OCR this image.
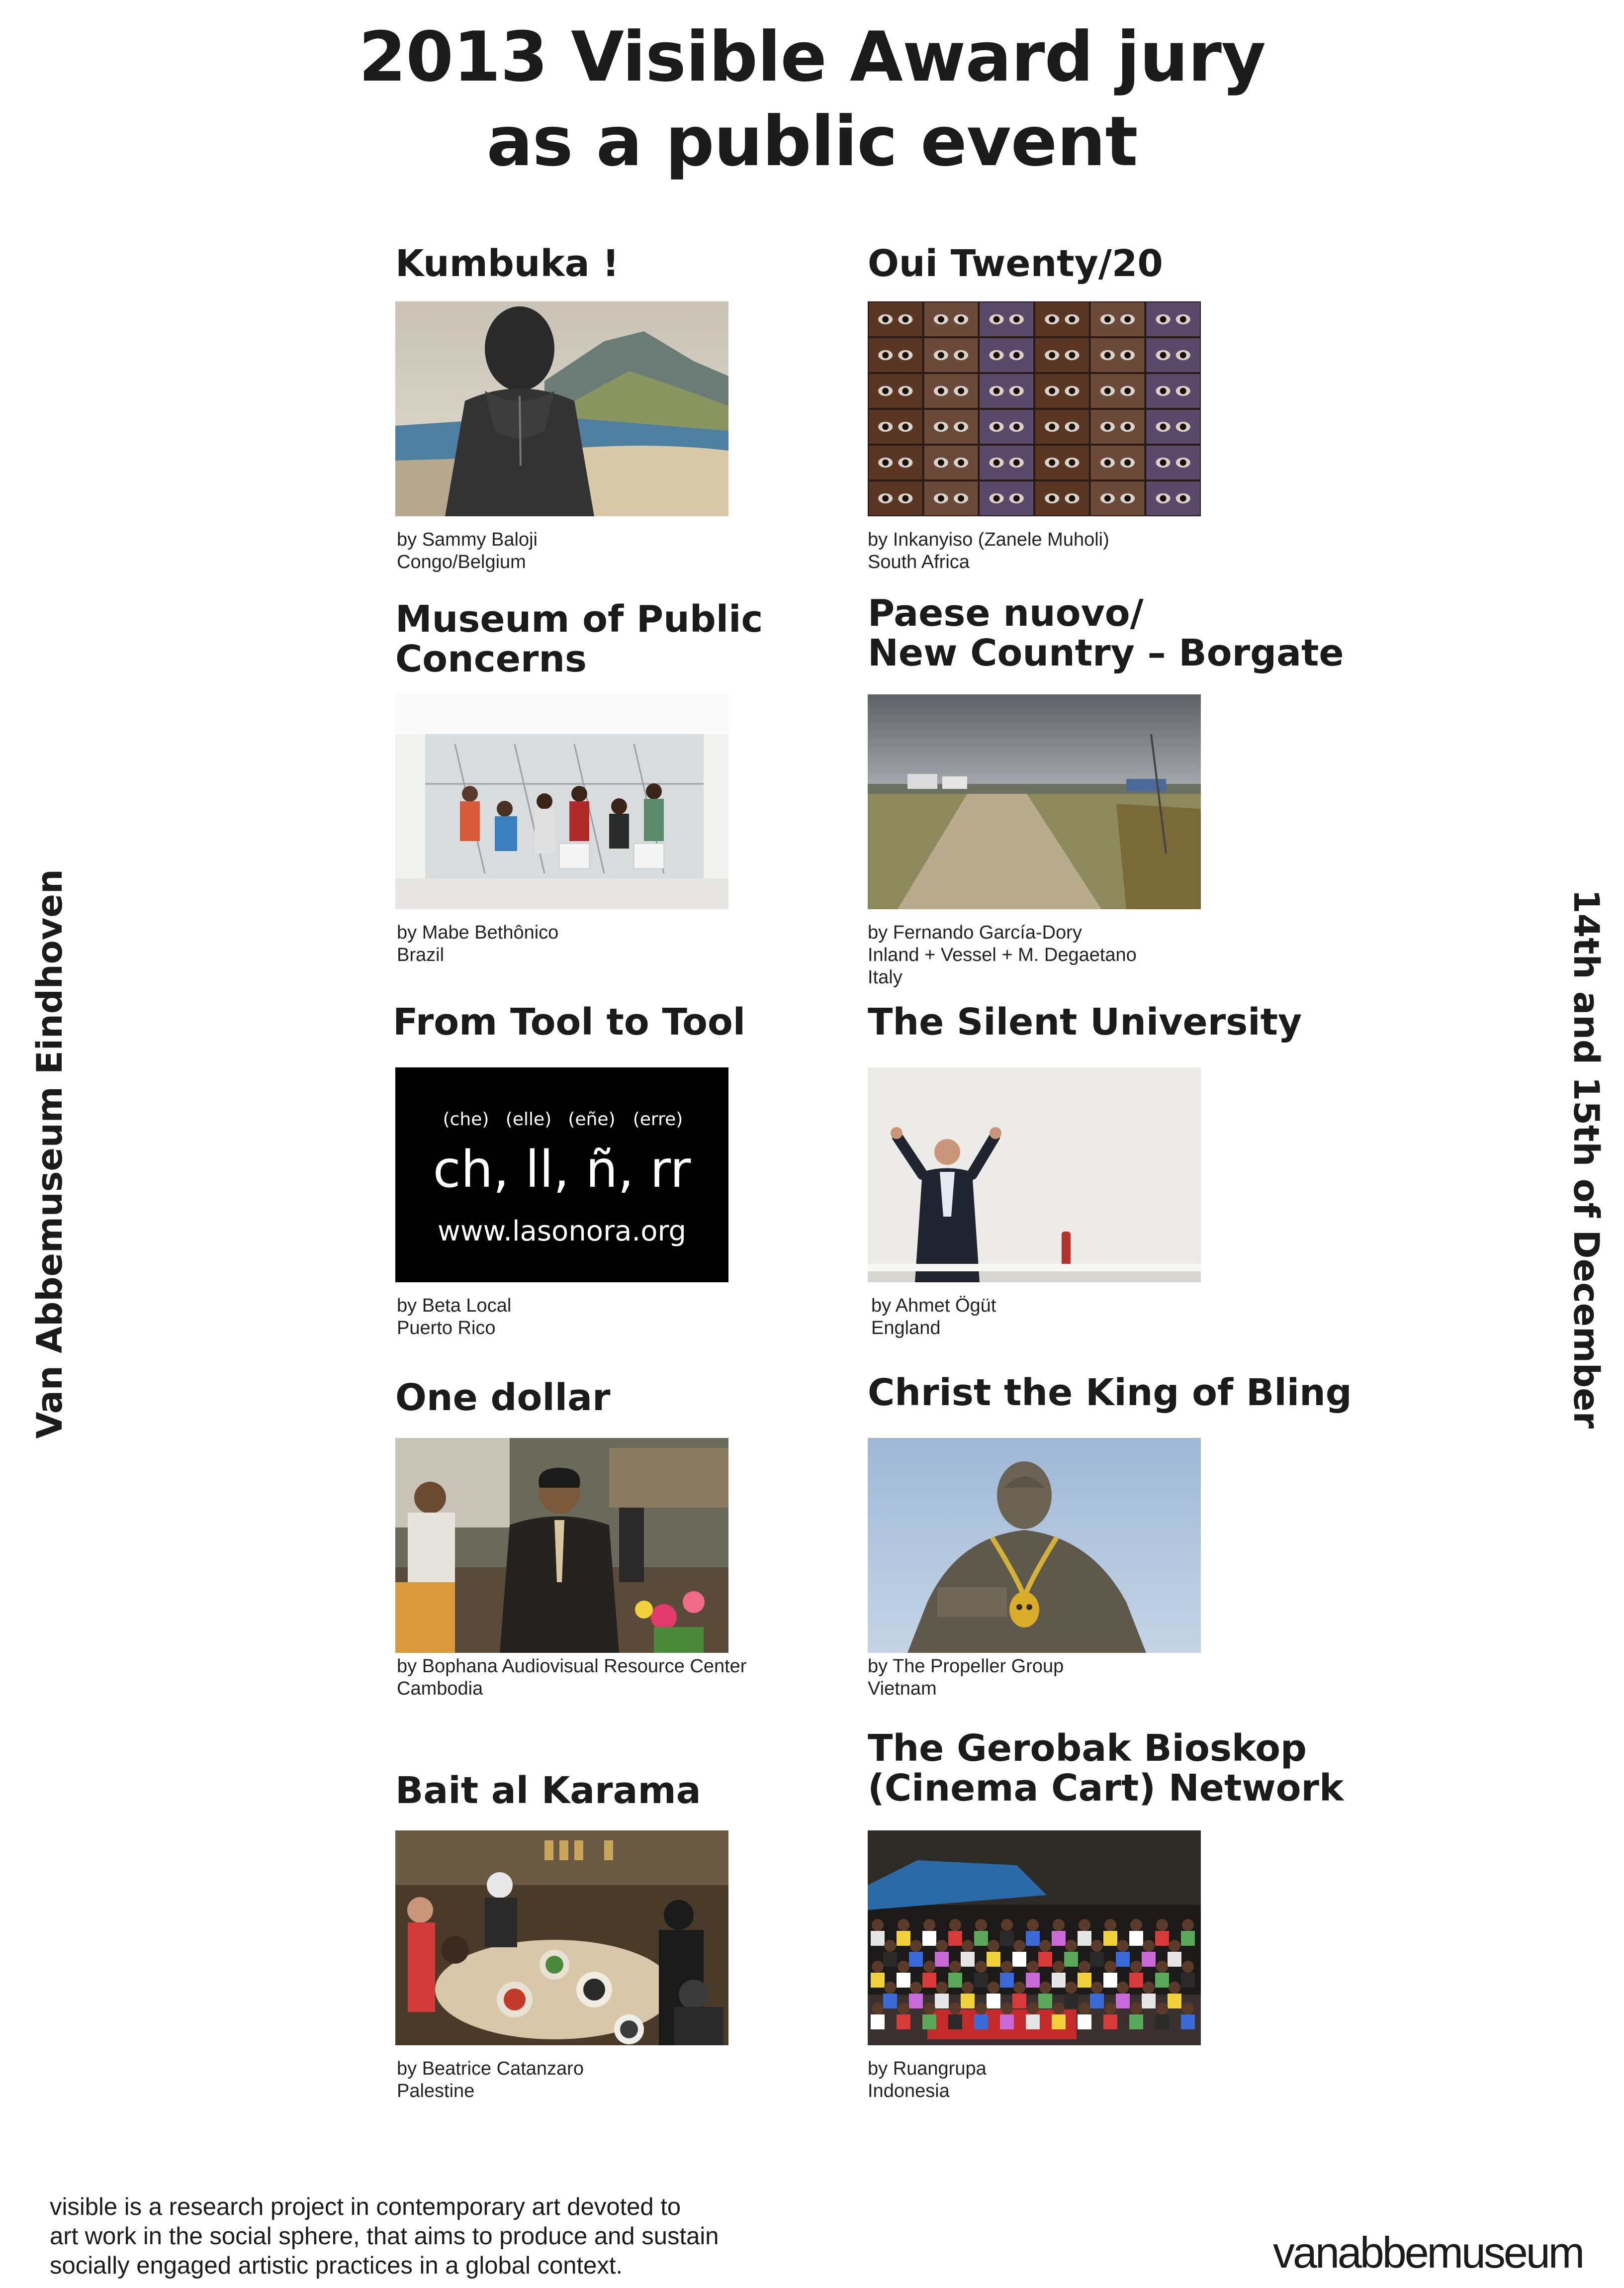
2013 Visible Award jury
as a public event
Van Abbemuseum Eindhoven	14th and 15th of December
Kumbuka !
by Sammy Baloji
Congo/Belgium
Oui Twenty/20
by Inkanyiso (Zanele Muholi)
South Africa
Museum of Public
Concerns
by Mabe Bethônico
Brazil
Paese nuovo/
New Country – Borgate
by Fernando García-Dory
Inland + Vessel + M. Degaetano
Italy
From Tool to Tool
(che) (elle) (eñe) (erre)
ch, ll, ñ, rr
www.lasonora.org
by Beta Local
Puerto Rico
The Silent University
by Ahmet Ögüt
England
One dollar
by Bophana Audiovisual Resource Center
Cambodia
Christ the King of Bling
by The Propeller Group
Vietnam
Bait al Karama
by Beatrice Catanzaro
Palestine
The Gerobak Bioskop
(Cinema Cart) Network
by Ruangrupa
Indonesia
visible is a research project in contemporary art devoted to
art work in the social sphere, that aims to produce and sustain
socially engaged artistic practices in a global context.	vanabbemuseum
